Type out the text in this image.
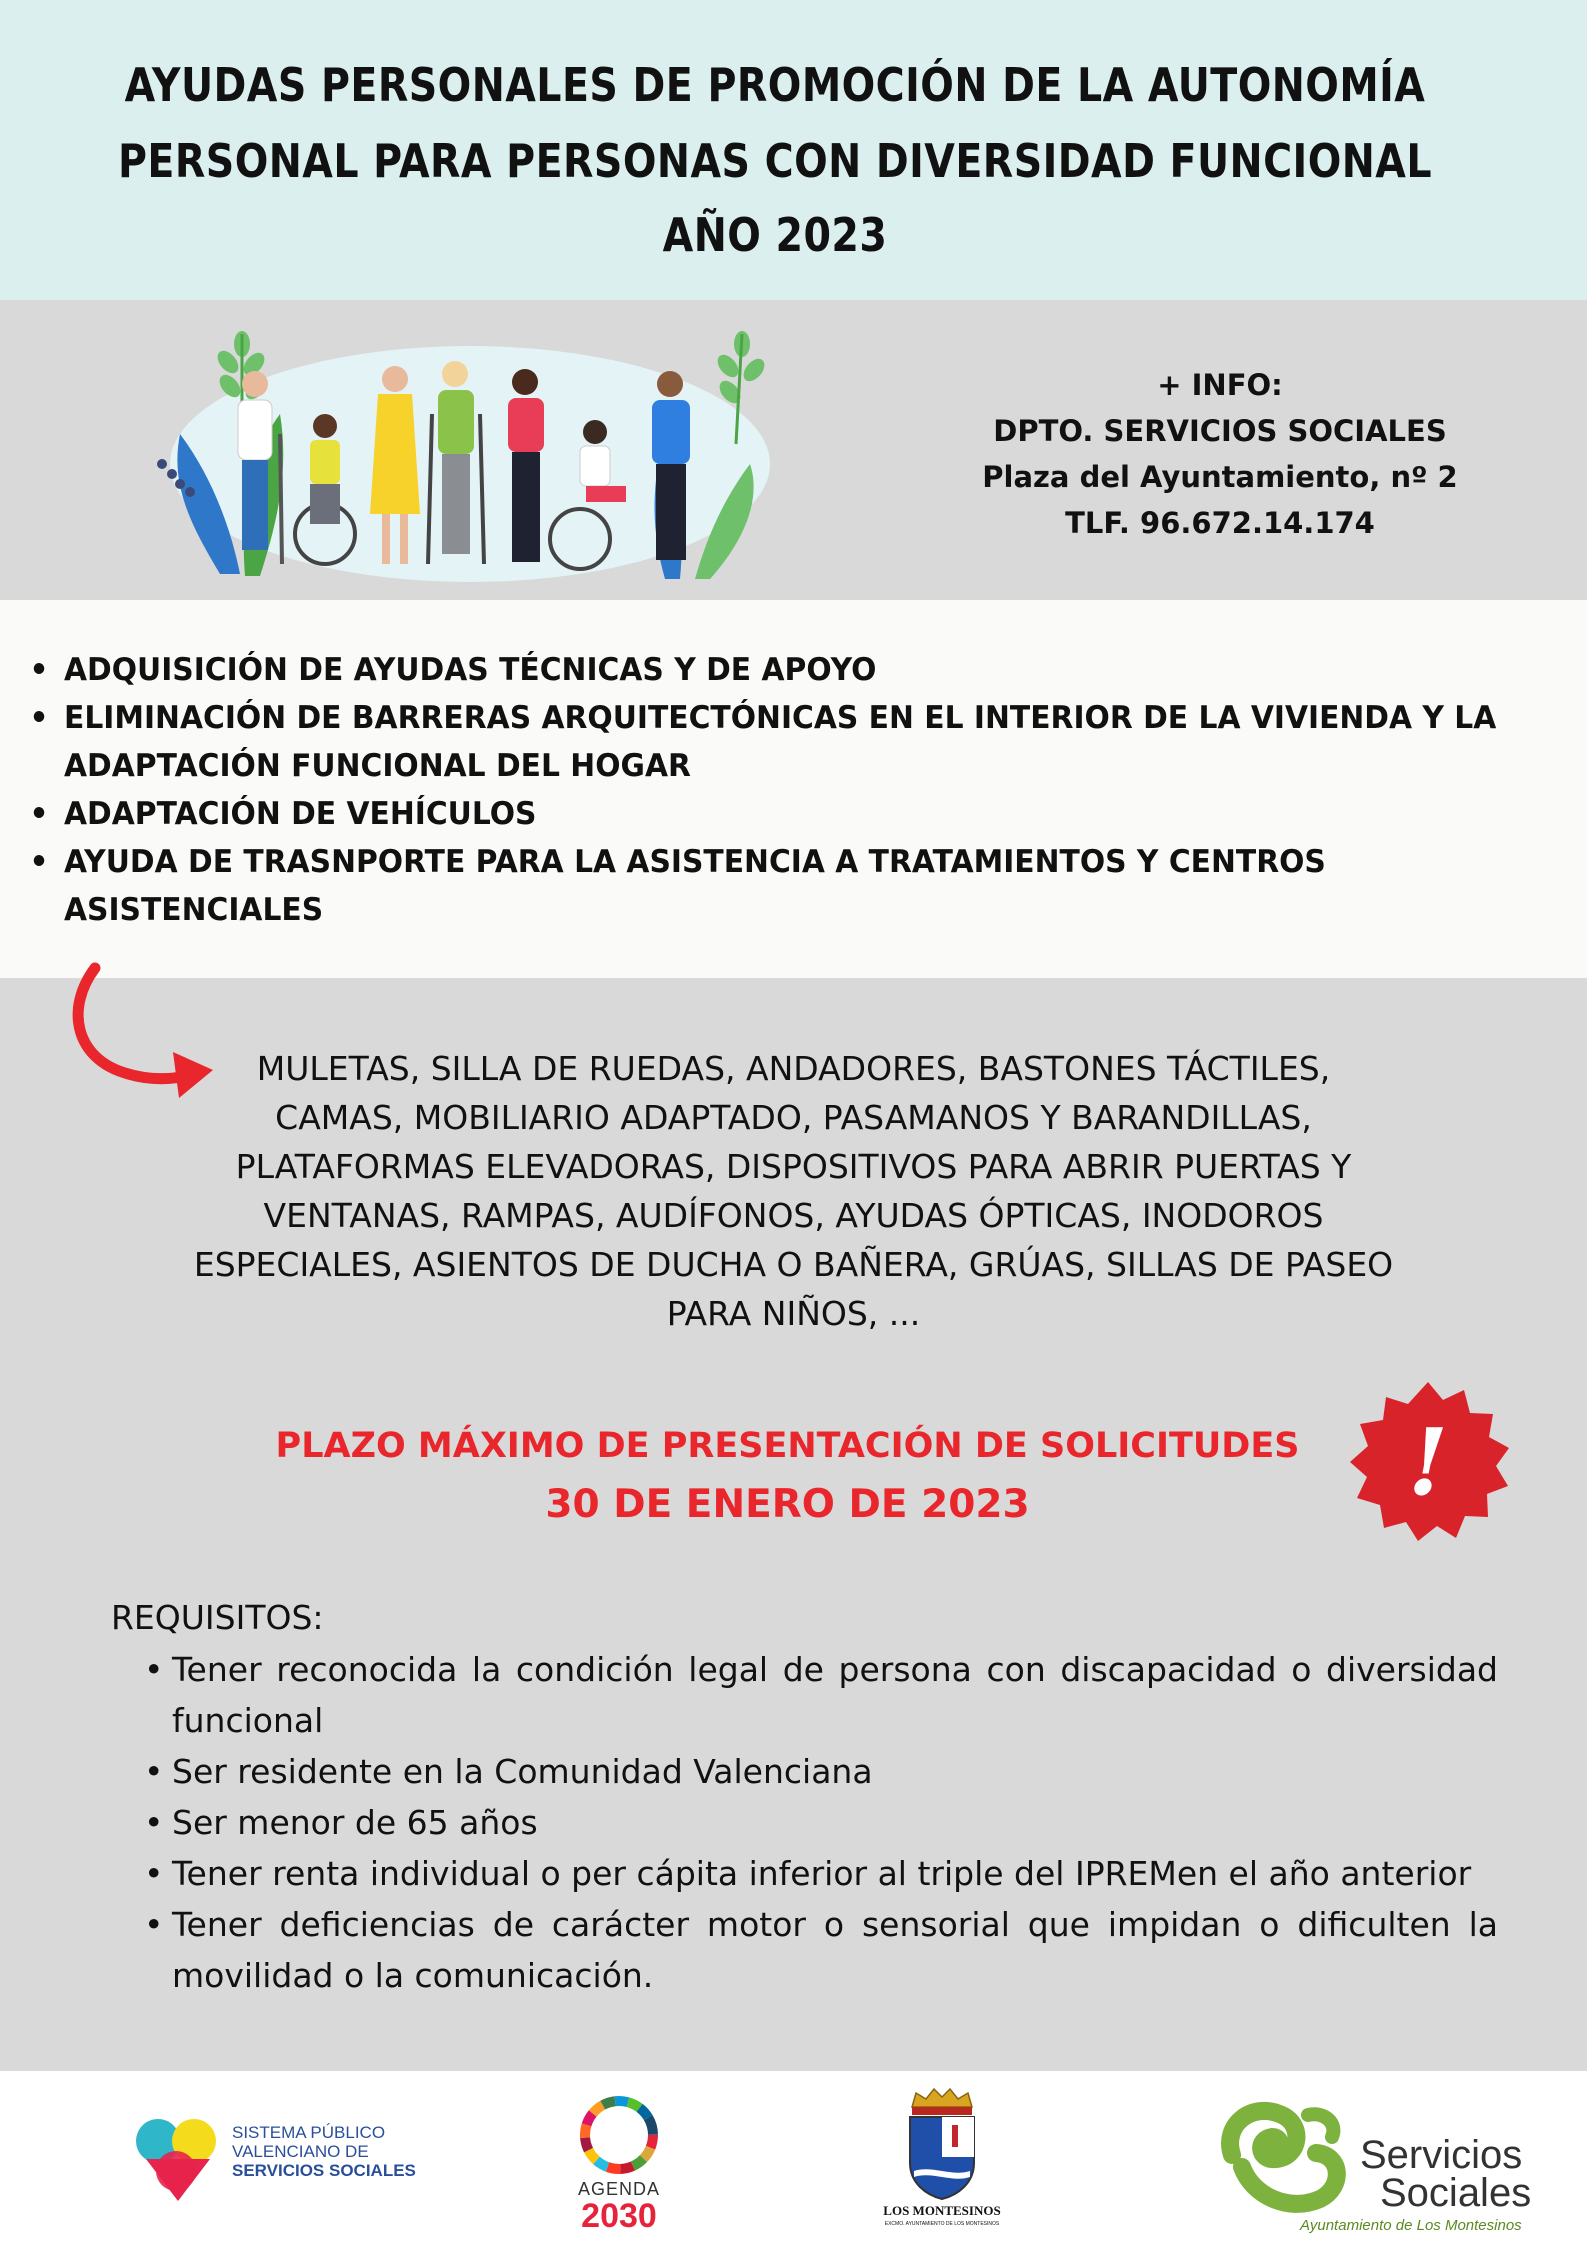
AYUDAS PERSONALES DE PROMOCIÓN DE LA AUTONOMÍA
PERSONAL PARA PERSONAS CON DIVERSIDAD FUNCIONAL
AÑO 2023
+ INFO:
DPTO. SERVICIOS SOCIALES
Plaza del Ayuntamiento, nº 2
TLF. 96.672.14.174
• ADQUISICIÓN DE AYUDAS TÉCNICAS Y DE APOYO
• ELIMINACIÓN DE BARRERAS ARQUITECTÓNICAS EN EL INTERIOR DE LA VIVIENDA Y LA
ADAPTACIÓN FUNCIONAL DEL HOGAR
• ADAPTACIÓN DE VEHÍCULOS
• AYUDA DE TRASNPORTE PARA LA ASISTENCIA A TRATAMIENTOS Y CENTROS
ASISTENCIALES
MULETAS, SILLA DE RUEDAS, ANDADORES, BASTONES TÁCTILES,
CAMAS, MOBILIARIO ADAPTADO, PASAMANOS Y BARANDILLAS,
PLATAFORMAS ELEVADORAS, DISPOSITIVOS PARA ABRIR PUERTAS Y
VENTANAS, RAMPAS, AUDÍFONOS, AYUDAS ÓPTICAS, INODOROS
ESPECIALES, ASIENTOS DE DUCHA O BAÑERA, GRÚAS, SILLAS DE PASEO
PARA NIÑOS, ...
PLAZO MÁXIMO DE PRESENTACIÓN DE SOLICITUDES
30 DE ENERO DE 2023	!
REQUISITOS:
• Tener reconocida la condición legal de persona con discapacidad o diversidad
funcional
• Ser residente en la Comunidad Valenciana
• Ser menor de 65 años
• Tener renta individual o per cápita inferior al triple del IPREMen el año anterior
• Tener deficiencias de carácter motor o sensorial que impidan o dificulten la
movilidad o la comunicación.
SISTEMA PÚBLICO
VALENCIANO DE
SERVICIOS SOCIALES
AGENDA
2030	LOS MONTESINOS
EXCMO. AYUNTAMIENTO DE LOS MONTESINOS
Servicios
Sociales
Ayuntamiento de Los Montesinos
